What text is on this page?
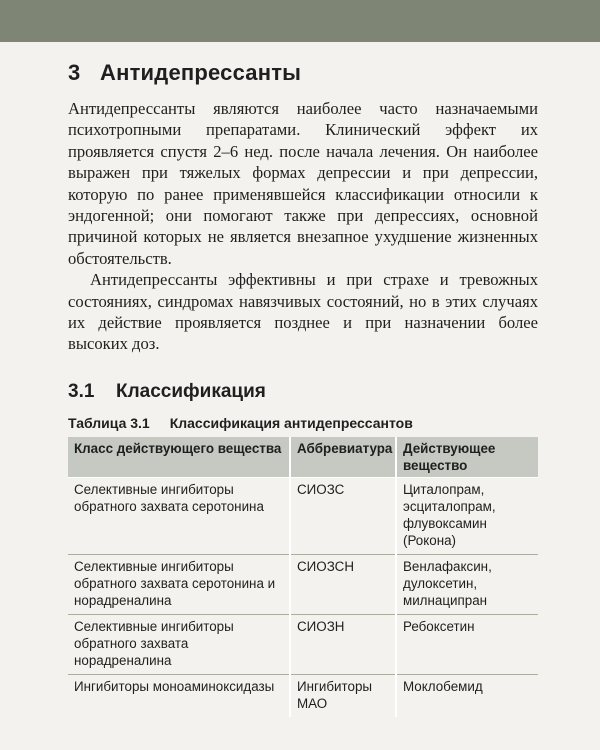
3 Антидепрессанты

Антидепрессанты являются наиболее часто назначаемыми психотропными препаратами. Клинический эффект их проявляется спустя 2–6 нед. после начала лечения. Он наиболее выражен при тяжелых формах депрессии и при депрессии, которую по ранее применявшейся классификации относили к эндогенной; они помогают также при депрессиях, основной причиной которых не является внезапное ухудшение жизненных обстоятельств.

Антидепрессанты эффективны и при страхе и тревожных состояниях, синдромах навязчивых состояний, но в этих случаях их действие проявляется позднее и при назначении более высоких доз.

3.1 Классификация
Таблица 3.1 Классификация антидепрессантов
Класс действующего вещества	Аббревиатура	Действующее вещество
Селективные ингибиторы обратного захвата серотонина	СИОЗС	Циталопрам,
эсциталопрам,
флувоксамин
(Рокона)

Селективные ингибиторы обратного захвата серотонина и норадреналина	СИОЗСН	Венлафаксин,
дулоксетин,
милнаципран

Селективные ингибиторы обратного захвата норадреналина	СИОЗН	Ребоксетин

Ингибиторы моноаминоксидазы	Ингибиторы МАО	Моклобемид
